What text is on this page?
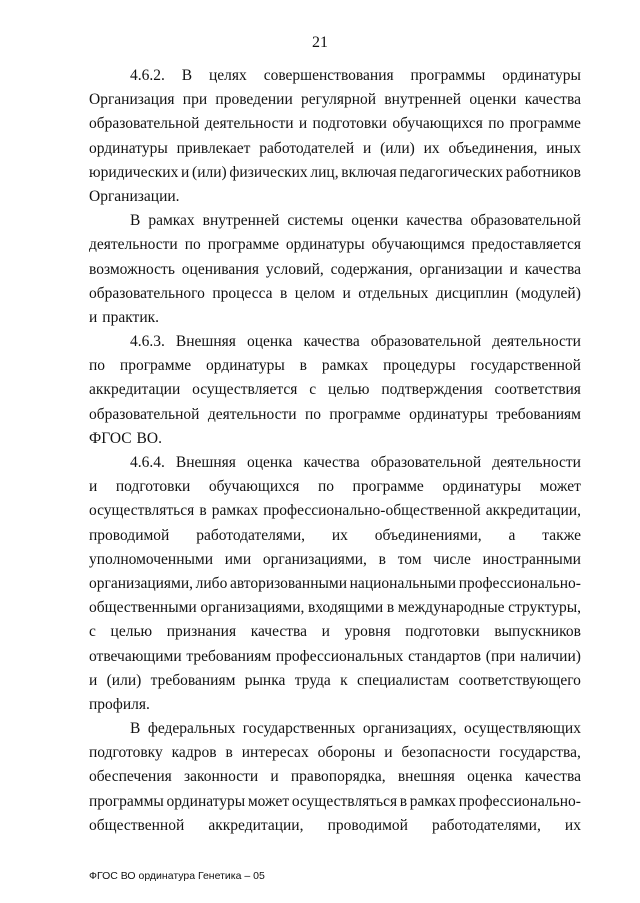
21
4.6.2. В целях совершенствования программы ординатуры
Организация при проведении регулярной внутренней оценки качества
образовательной деятельности и подготовки обучающихся по программе
ординатуры привлекает работодателей и (или) их объединения, иных
юридических и (или) физических лиц, включая педагогических работников
Организации.
В рамках внутренней системы оценки качества образовательной
деятельности по программе ординатуры обучающимся предоставляется
возможность оценивания условий, содержания, организации и качества
образовательного процесса в целом и отдельных дисциплин (модулей)
и практик.
4.6.3. Внешняя оценка качества образовательной деятельности
по программе ординатуры в рамках процедуры государственной
аккредитации осуществляется с целью подтверждения соответствия
образовательной деятельности по программе ординатуры требованиям
ФГОС ВО.
4.6.4. Внешняя оценка качества образовательной деятельности
и подготовки обучающихся по программе ординатуры может
осуществляться в рамках профессионально-общественной аккредитации,
проводимой работодателями, их объединениями, а также
уполномоченными ими организациями, в том числе иностранными
организациями, либо авторизованными национальными профессионально-
общественными организациями, входящими в международные структуры,
с целью признания качества и уровня подготовки выпускников
отвечающими требованиям профессиональных стандартов (при наличии)
и (или) требованиям рынка труда к специалистам соответствующего
профиля.
В федеральных государственных организациях, осуществляющих
подготовку кадров в интересах обороны и безопасности государства,
обеспечения законности и правопорядка, внешняя оценка качества
программы ординатуры может осуществляться в рамках профессионально-
общественной аккредитации, проводимой работодателями, их
ФГОС ВО ординатура Генетика – 05
